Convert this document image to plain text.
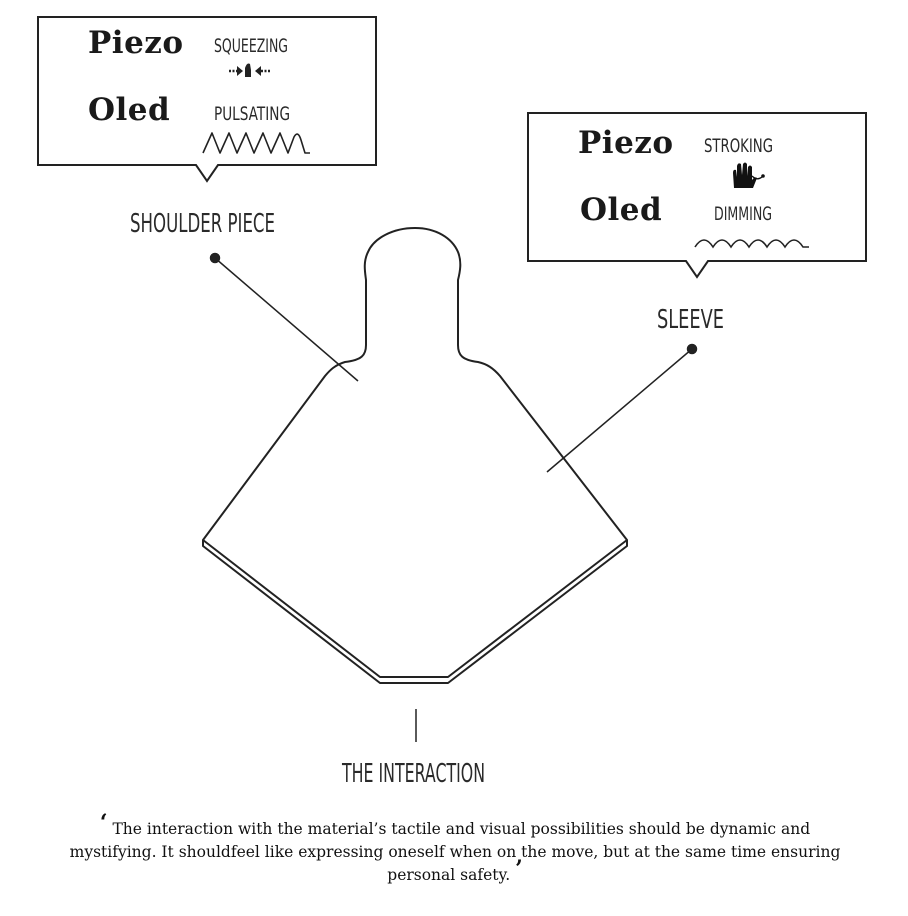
Piezo SQUEEZING
Oled PULSATING
Piezo STROKING
Oled	DIMMING
SHOULDER PIECE
SLEEVE
THE INTERACTION
‘ The interaction with the material’s tactile and visual possibilities should be dynamic and mystifying. It shouldfeel like expressing oneself when on the move, but at the same time ensuring personal safety. ’
